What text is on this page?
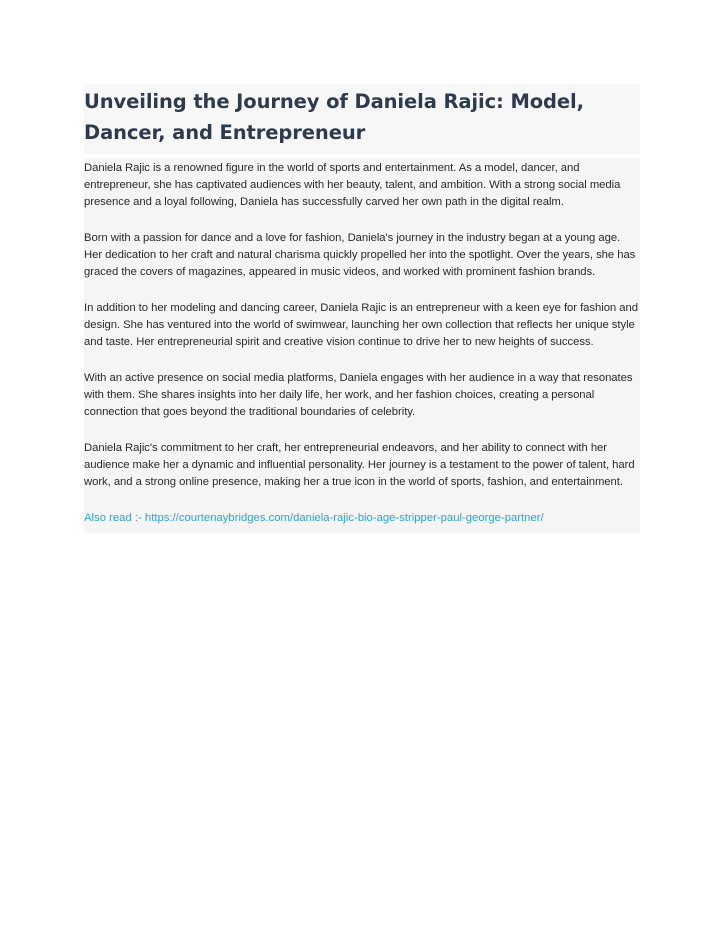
Unveiling the Journey of Daniela Rajic: Model, Dancer, and Entrepreneur

Daniela Rajic is a renowned figure in the world of sports and entertainment. As a model, dancer, and entrepreneur, she has captivated audiences with her beauty, talent, and ambition. With a strong social media presence and a loyal following, Daniela has successfully carved her own path in the digital realm.

Born with a passion for dance and a love for fashion, Daniela's journey in the industry began at a young age. Her dedication to her craft and natural charisma quickly propelled her into the spotlight. Over the years, she has graced the covers of magazines, appeared in music videos, and worked with prominent fashion brands.

In addition to her modeling and dancing career, Daniela Rajic is an entrepreneur with a keen eye for fashion and design. She has ventured into the world of swimwear, launching her own collection that reflects her unique style and taste. Her entrepreneurial spirit and creative vision continue to drive her to new heights of success.

With an active presence on social media platforms, Daniela engages with her audience in a way that resonates with them. She shares insights into her daily life, her work, and her fashion choices, creating a personal connection that goes beyond the traditional boundaries of celebrity.

Daniela Rajic's commitment to her craft, her entrepreneurial endeavors, and her ability to connect with her audience make her a dynamic and influential personality. Her journey is a testament to the power of talent, hard work, and a strong online presence, making her a true icon in the world of sports, fashion, and entertainment.

Also read :- https://courtenaybridges.com/daniela-rajic-bio-age-stripper-paul-george-partner/
